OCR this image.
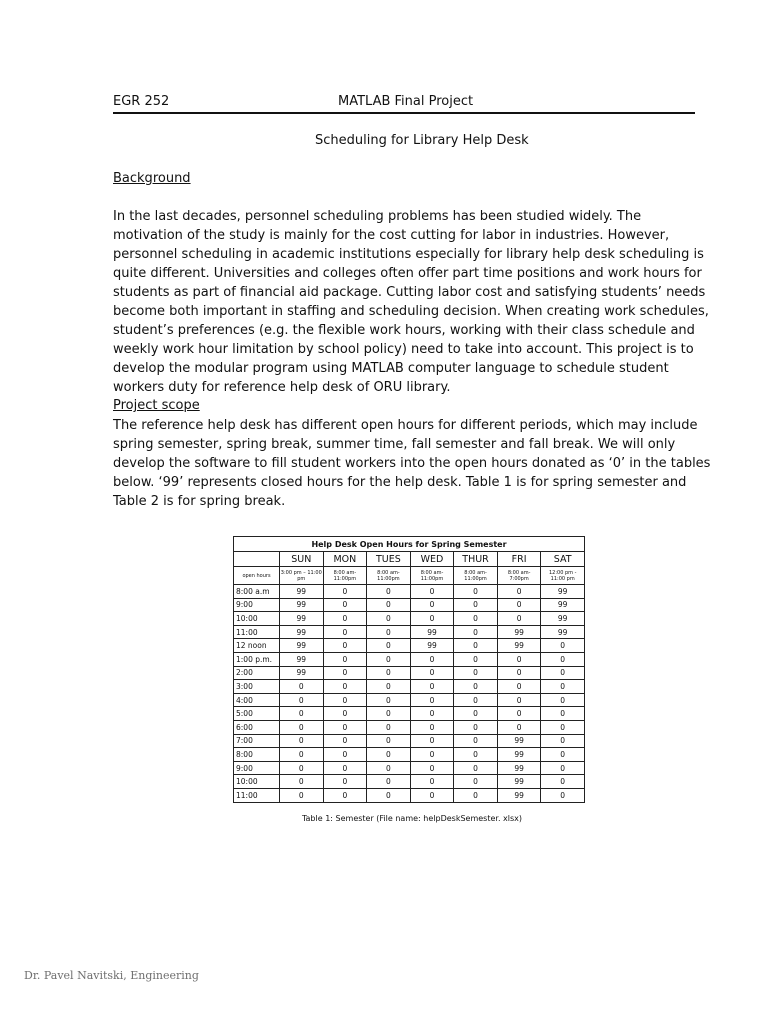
EGR 252	MATLAB Final Project
Scheduling for Library Help Desk
Background

In the last decades, personnel scheduling problems has been studied widely. The motivation of the study is mainly for the cost cutting for labor in industries. However, personnel scheduling in academic institutions especially for library help desk scheduling is quite different. Universities and colleges often offer part time positions and work hours for students as part of financial aid package. Cutting labor cost and satisfying students’ needs become both important in staffing and scheduling decision. When creating work schedules, student’s preferences (e.g. the flexible work hours, working with their class schedule and weekly work hour limitation by school policy) need to take into account. This project is to develop the modular program using MATLAB computer language to schedule student workers duty for reference help desk of ORU library.

Project scope

The reference help desk has different open hours for different periods, which may include spring semester, spring break, summer time, fall semester and fall break. We will only develop the software to fill student workers into the open hours donated as ‘0’ in the tables below. ‘99’ represents closed hours for the help desk. Table 1 is for spring semester and Table 2 is for spring break.

Help Desk Open Hours for Spring Semester							
	SUN	MON	TUES	WED	THUR	FRI	SAT
open hours	3:00 pm – 11:00 pm	8:00 am- 11:00pm	8:00 am- 11:00pm	8:00 am- 11:00pm	8:00 am- 11:00pm	8:00 am- 7:00pm	12:00 pm - 11:00 pm
8:00 a.m	99	0	0	0	0	0	99
9:00	99	0	0	0	0	0	99
10:00	99	0	0	0	0	0	99
11:00	99	0	0	99	0	99	99
12 noon	99	0	0	99	0	99	0
1:00 p.m.	99	0	0	0	0	0	0
2:00	99	0	0	0	0	0	0
3:00	0	0	0	0	0	0	0
4:00	0	0	0	0	0	0	0
5:00	0	0	0	0	0	0	0
6:00	0	0	0	0	0	0	0
7:00	0	0	0	0	0	99	0
8:00	0	0	0	0	0	99	0
9:00	0	0	0	0	0	99	0
10:00	0	0	0	0	0	99	0
11:00	0	0	0	0	0	99	0
Table 1: Semester (File name: helpDeskSemester. xlsx)
Dr. Pavel Navitski, Engineering
